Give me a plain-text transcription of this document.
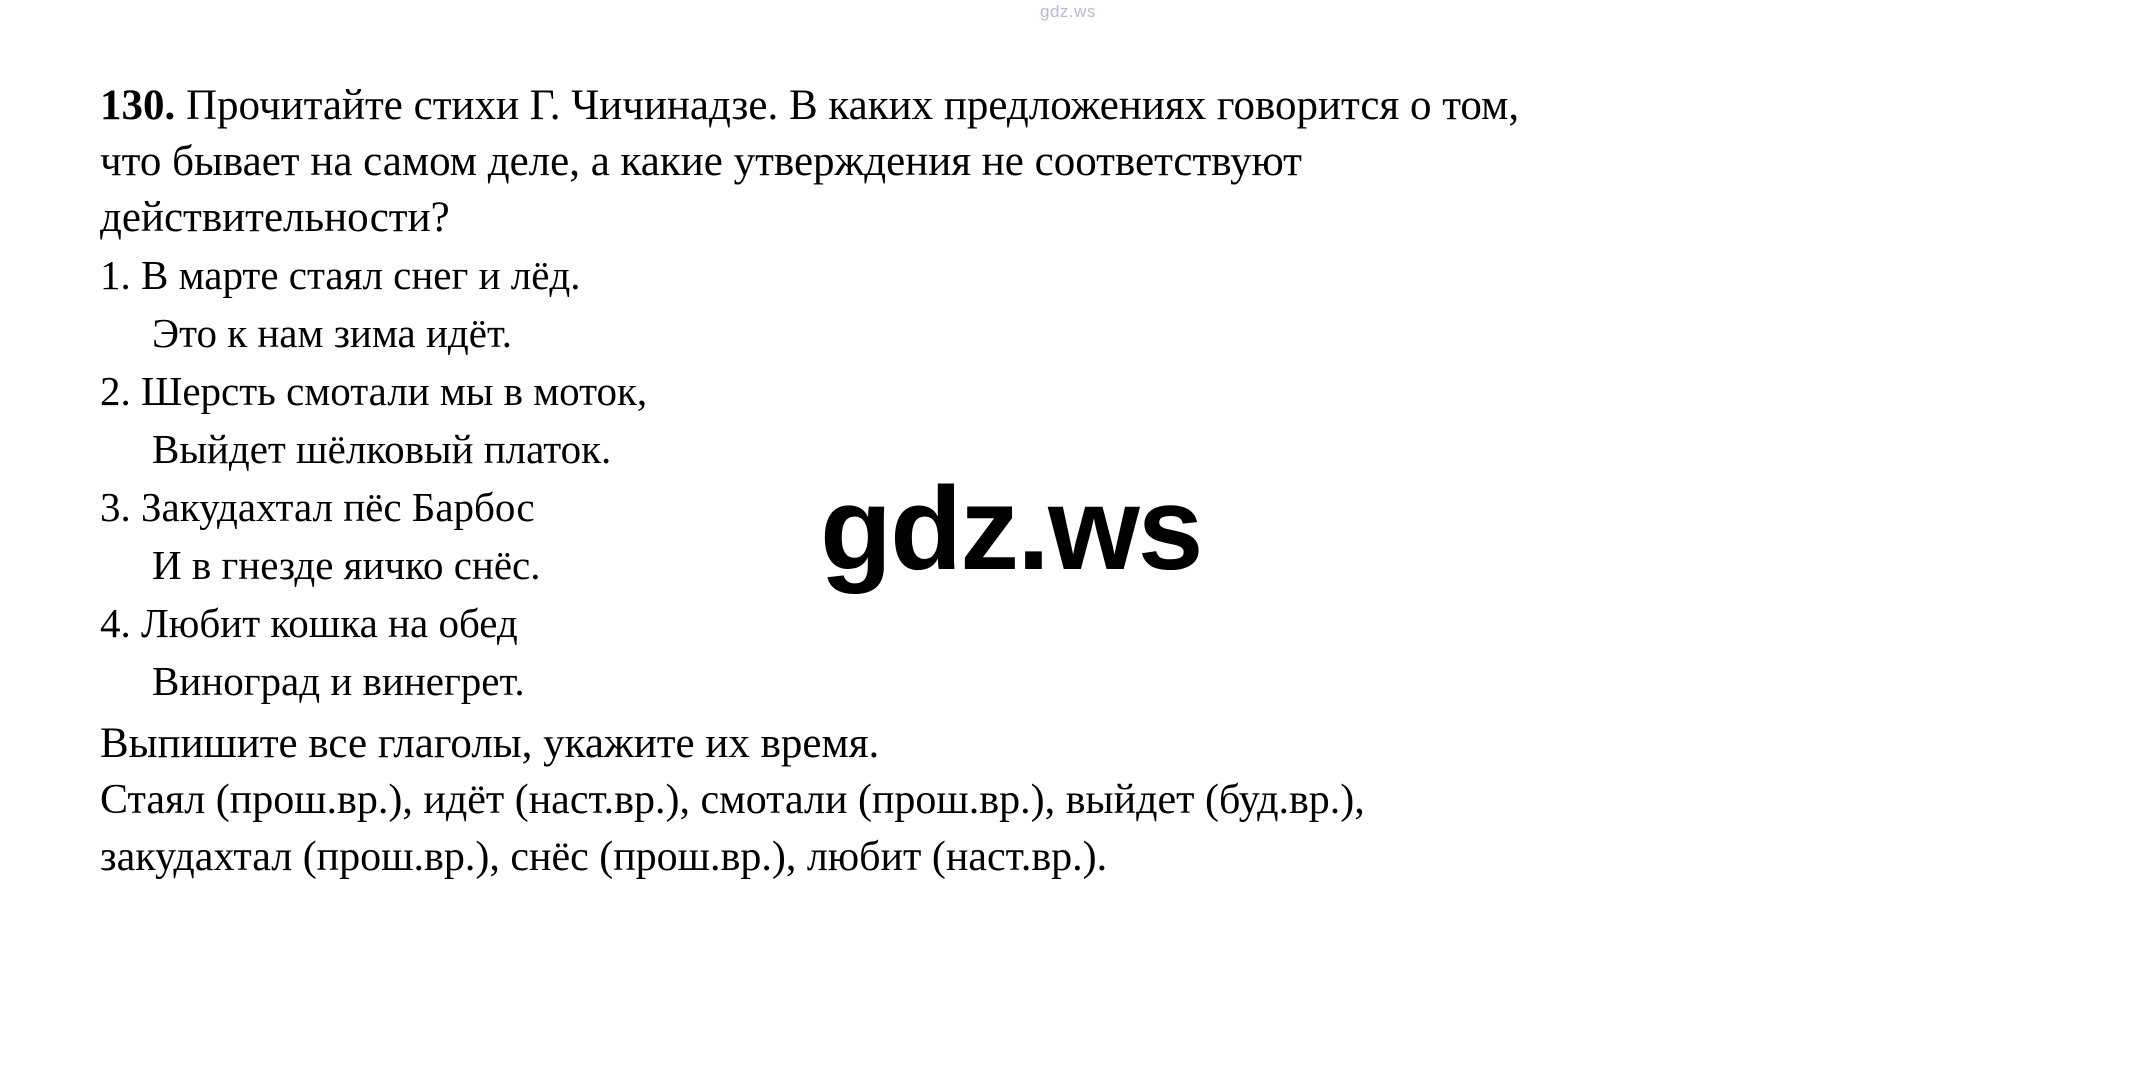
gdz.ws
130. Прочитайте стихи Г. Чичинадзе. В каких предложениях говорится о том,
что бывает на самом деле, а какие утверждения не соответствуют
действительности?
1. В марте стаял снег и лёд.
Это к нам зима идёт.
2. Шерсть смотали мы в моток,
Выйдет шёлковый платок.
3. Закудахтал пёс Барбос
И в гнезде яичко снёс.
4. Любит кошка на обед
Виноград и винегрет.
Выпишите все глаголы, укажите их время.
Стаял (прош.вр.), идёт (наст.вр.), смотали (прош.вр.), выйдет (буд.вр.),
закудахтал (прош.вр.), снёс (прош.вр.), любит (наст.вр.).
gdz.ws
